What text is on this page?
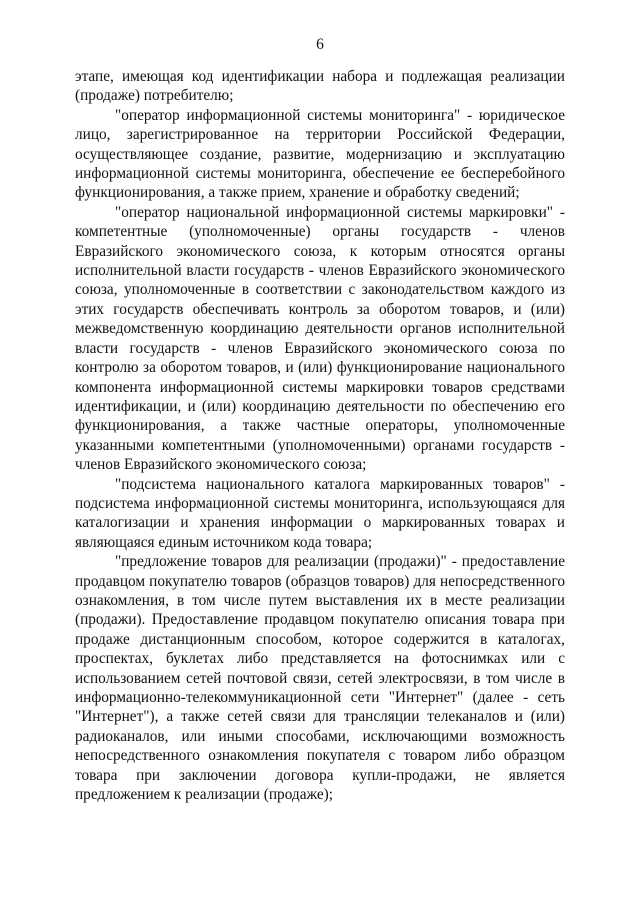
6

этапе, имеющая код идентификации набора и подлежащая реализации (продаже) потребителю;

"оператор информационной системы мониторинга" - юридическое лицо, зарегистрированное на территории Российской Федерации, осуществляющее создание, развитие, модернизацию и эксплуатацию информационной системы мониторинга, обеспечение ее бесперебойного функционирования, а также прием, хранение и обработку сведений;

"оператор национальной информационной системы маркировки" - компетентные (уполномоченные) органы государств - членов Евразийского экономического союза, к которым относятся органы исполнительной власти государств - членов Евразийского экономического союза, уполномоченные в соответствии с законодательством каждого из этих государств обеспечивать контроль за оборотом товаров, и (или) межведомственную координацию деятельности органов исполнительной власти государств - членов Евразийского экономического союза по контролю за оборотом товаров, и (или) функционирование национального компонента информационной системы маркировки товаров средствами идентификации, и (или) координацию деятельности по обеспечению его функционирования, а также частные операторы, уполномоченные указанными компетентными (уполномоченными) органами государств - членов Евразийского экономического союза;

"подсистема национального каталога маркированных товаров" - подсистема информационной системы мониторинга, использующаяся для каталогизации и хранения информации о маркированных товарах и являющаяся единым источником кода товара;

"предложение товаров для реализации (продажи)" - предоставление продавцом покупателю товаров (образцов товаров) для непосредственного ознакомления, в том числе путем выставления их в месте реализации (продажи). Предоставление продавцом покупателю описания товара при продаже дистанционным способом, которое содержится в каталогах, проспектах, буклетах либо представляется на фотоснимках или с использованием сетей почтовой связи, сетей электросвязи, в том числе в информационно-телекоммуникационной сети "Интернет" (далее - сеть "Интернет"), а также сетей связи для трансляции телеканалов и (или) радиоканалов, или иными способами, исключающими возможность непосредственного ознакомления покупателя с товаром либо образцом товара при заключении договора купли-продажи, не является предложением к реализации (продаже);
